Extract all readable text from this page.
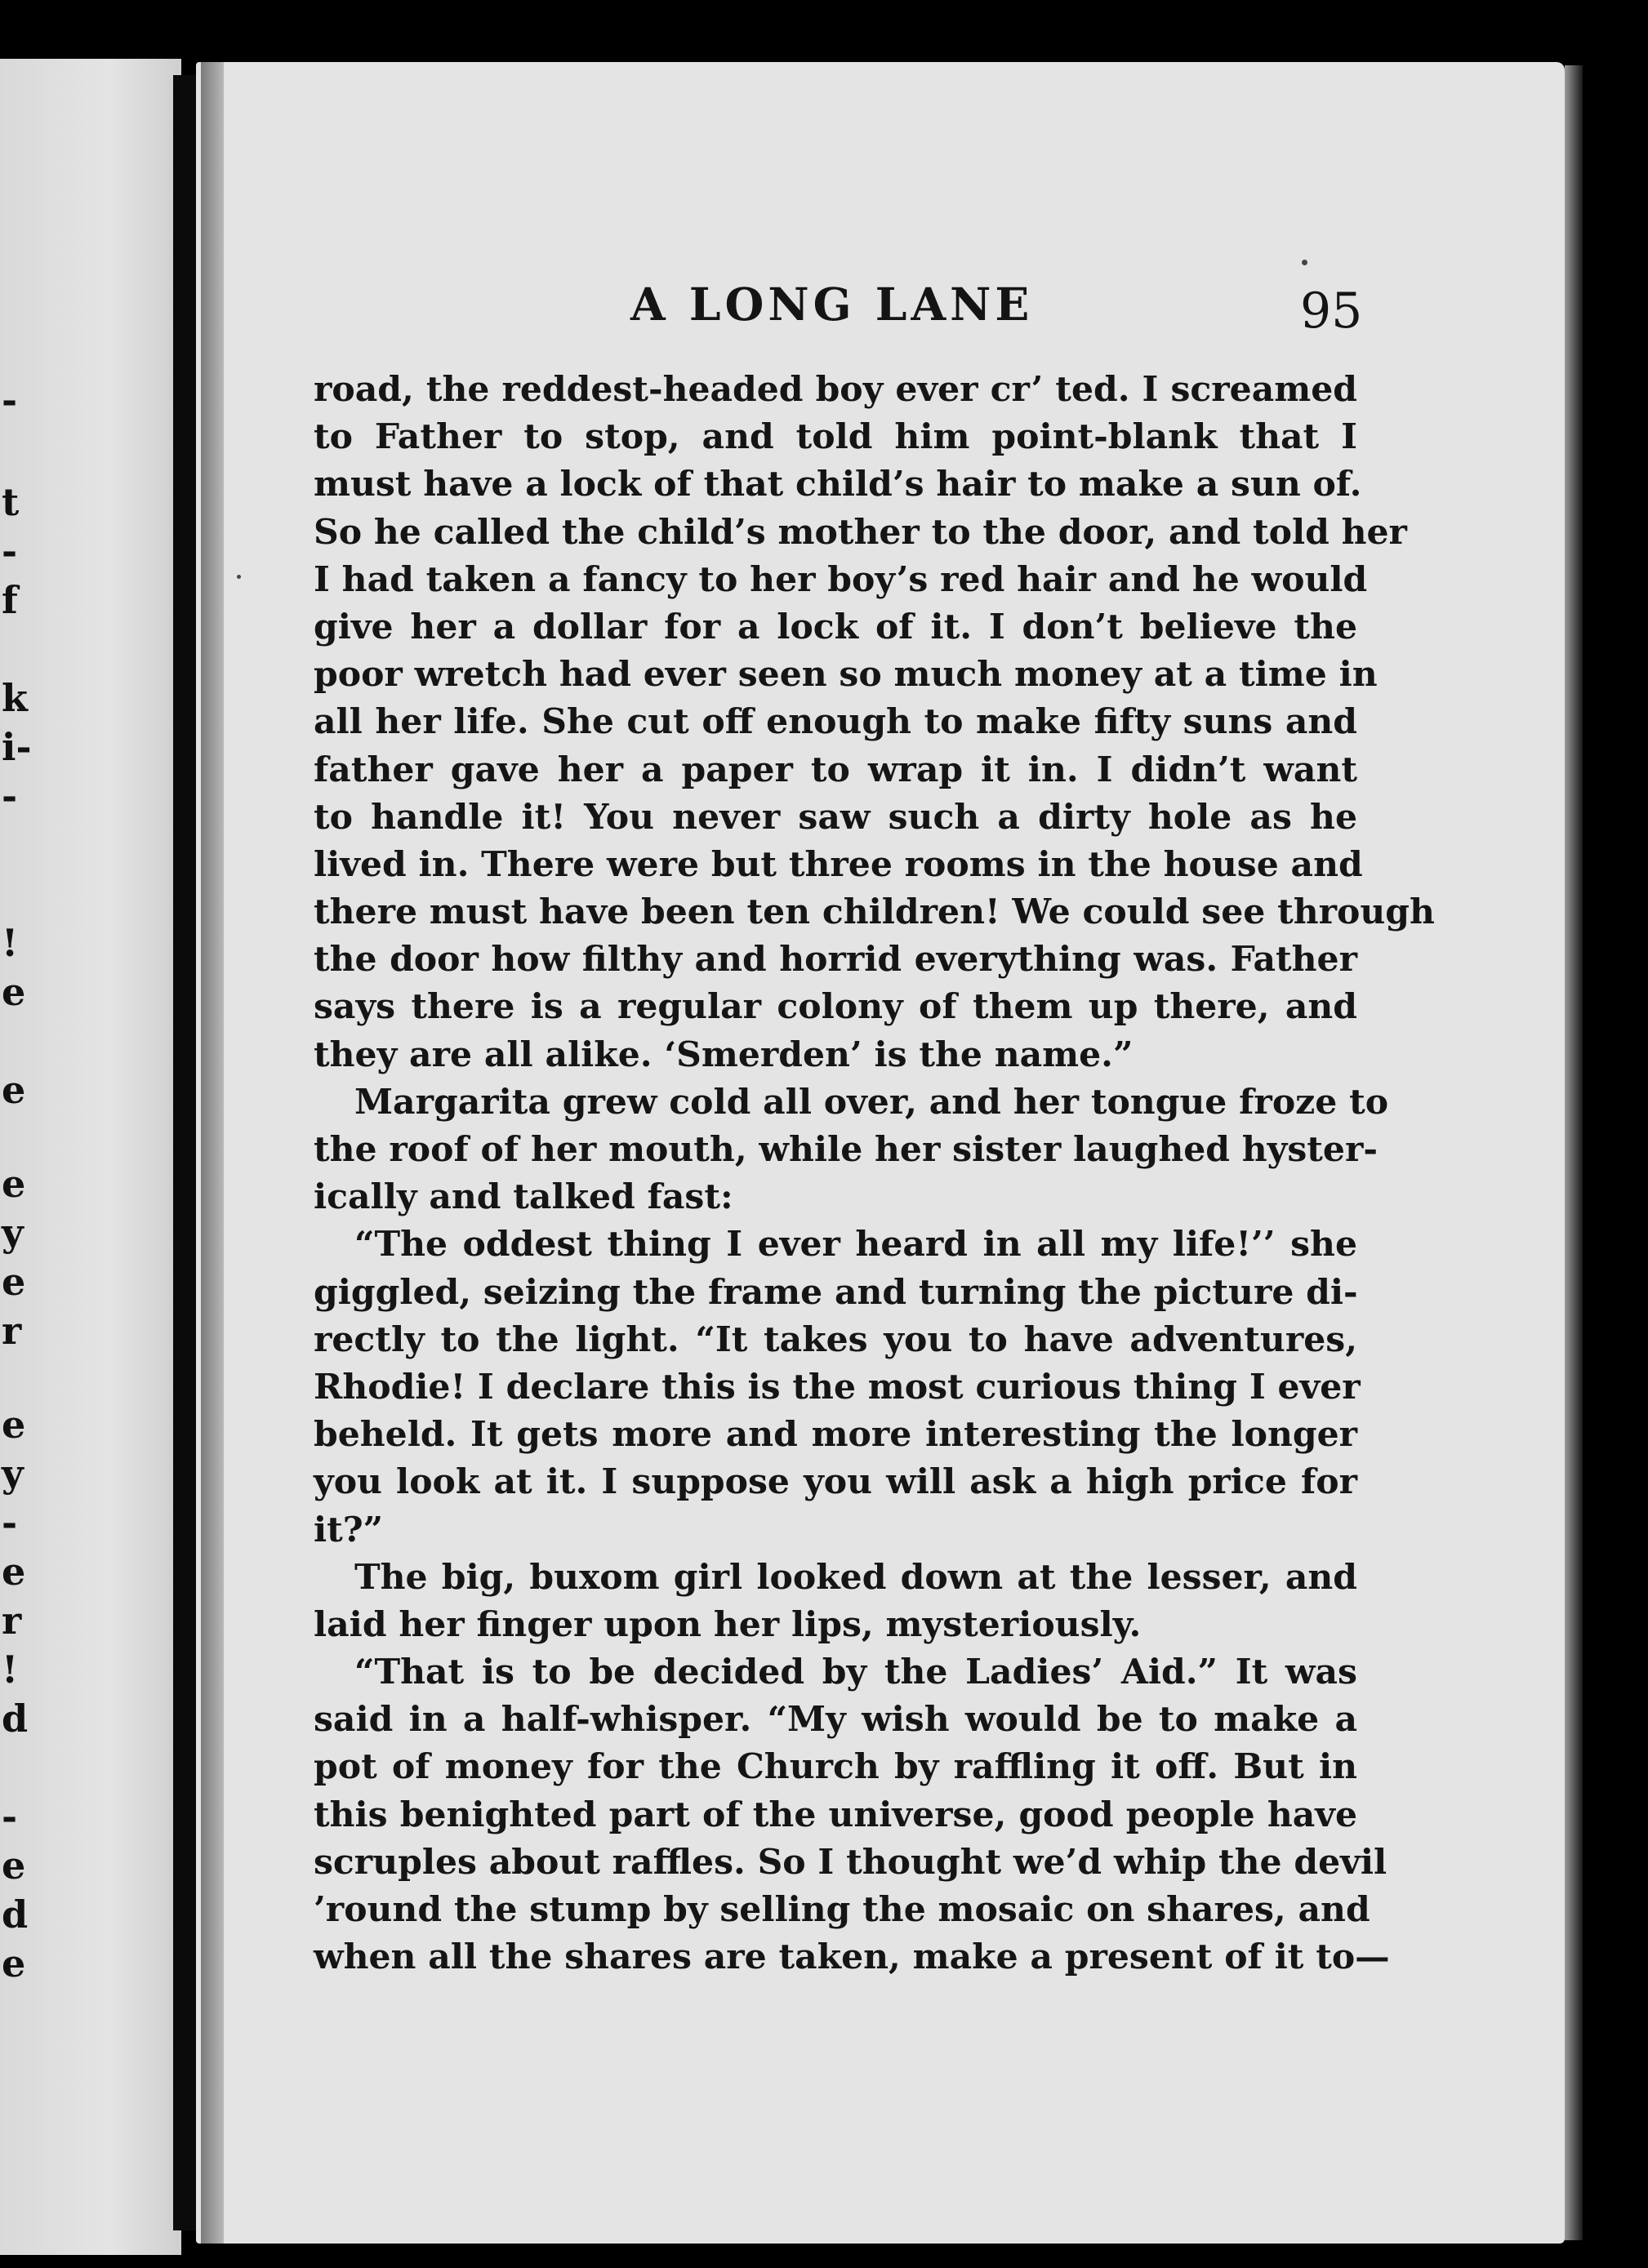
-
t
-
f
k
i-
-
!
e
e
e
y
e
r
e
y
-
e
r
!
d
-
e
d
e
A LONG LANE	95
road, the reddest-headed boy ever cr’ ted. I screamed
to Father to stop, and told him point-blank that I
must have a lock of that child’s hair to make a sun of.
So he called the child’s mother to the door, and told her
I had taken a fancy to her boy’s red hair and he would
give her a dollar for a lock of it. I don’t believe the
poor wretch had ever seen so much money at a time in
all her life. She cut off enough to make fifty suns and
father gave her a paper to wrap it in. I didn’t want
to handle it! You never saw such a dirty hole as he
lived in. There were but three rooms in the house and
there must have been ten children! We could see through
the door how filthy and horrid everything was. Father
says there is a regular colony of them up there, and
they are all alike. ‘Smerden’ is the name.”
Margarita grew cold all over, and her tongue froze to
the roof of her mouth, while her sister laughed hyster-
ically and talked fast:
“The oddest thing I ever heard in all my life!’’ she
giggled, seizing the frame and turning the picture di-
rectly to the light. “It takes you to have adventures,
Rhodie! I declare this is the most curious thing I ever
beheld. It gets more and more interesting the longer
you look at it. I suppose you will ask a high price for
it?”
The big, buxom girl looked down at the lesser, and
laid her finger upon her lips, mysteriously.
“That is to be decided by the Ladies’ Aid.” It was
said in a half-whisper. “My wish would be to make a
pot of money for the Church by raffling it off. But in
this benighted part of the universe, good people have
scruples about raffles. So I thought we’d whip the devil
’round the stump by selling the mosaic on shares, and
when all the shares are taken, make a present of it to—
